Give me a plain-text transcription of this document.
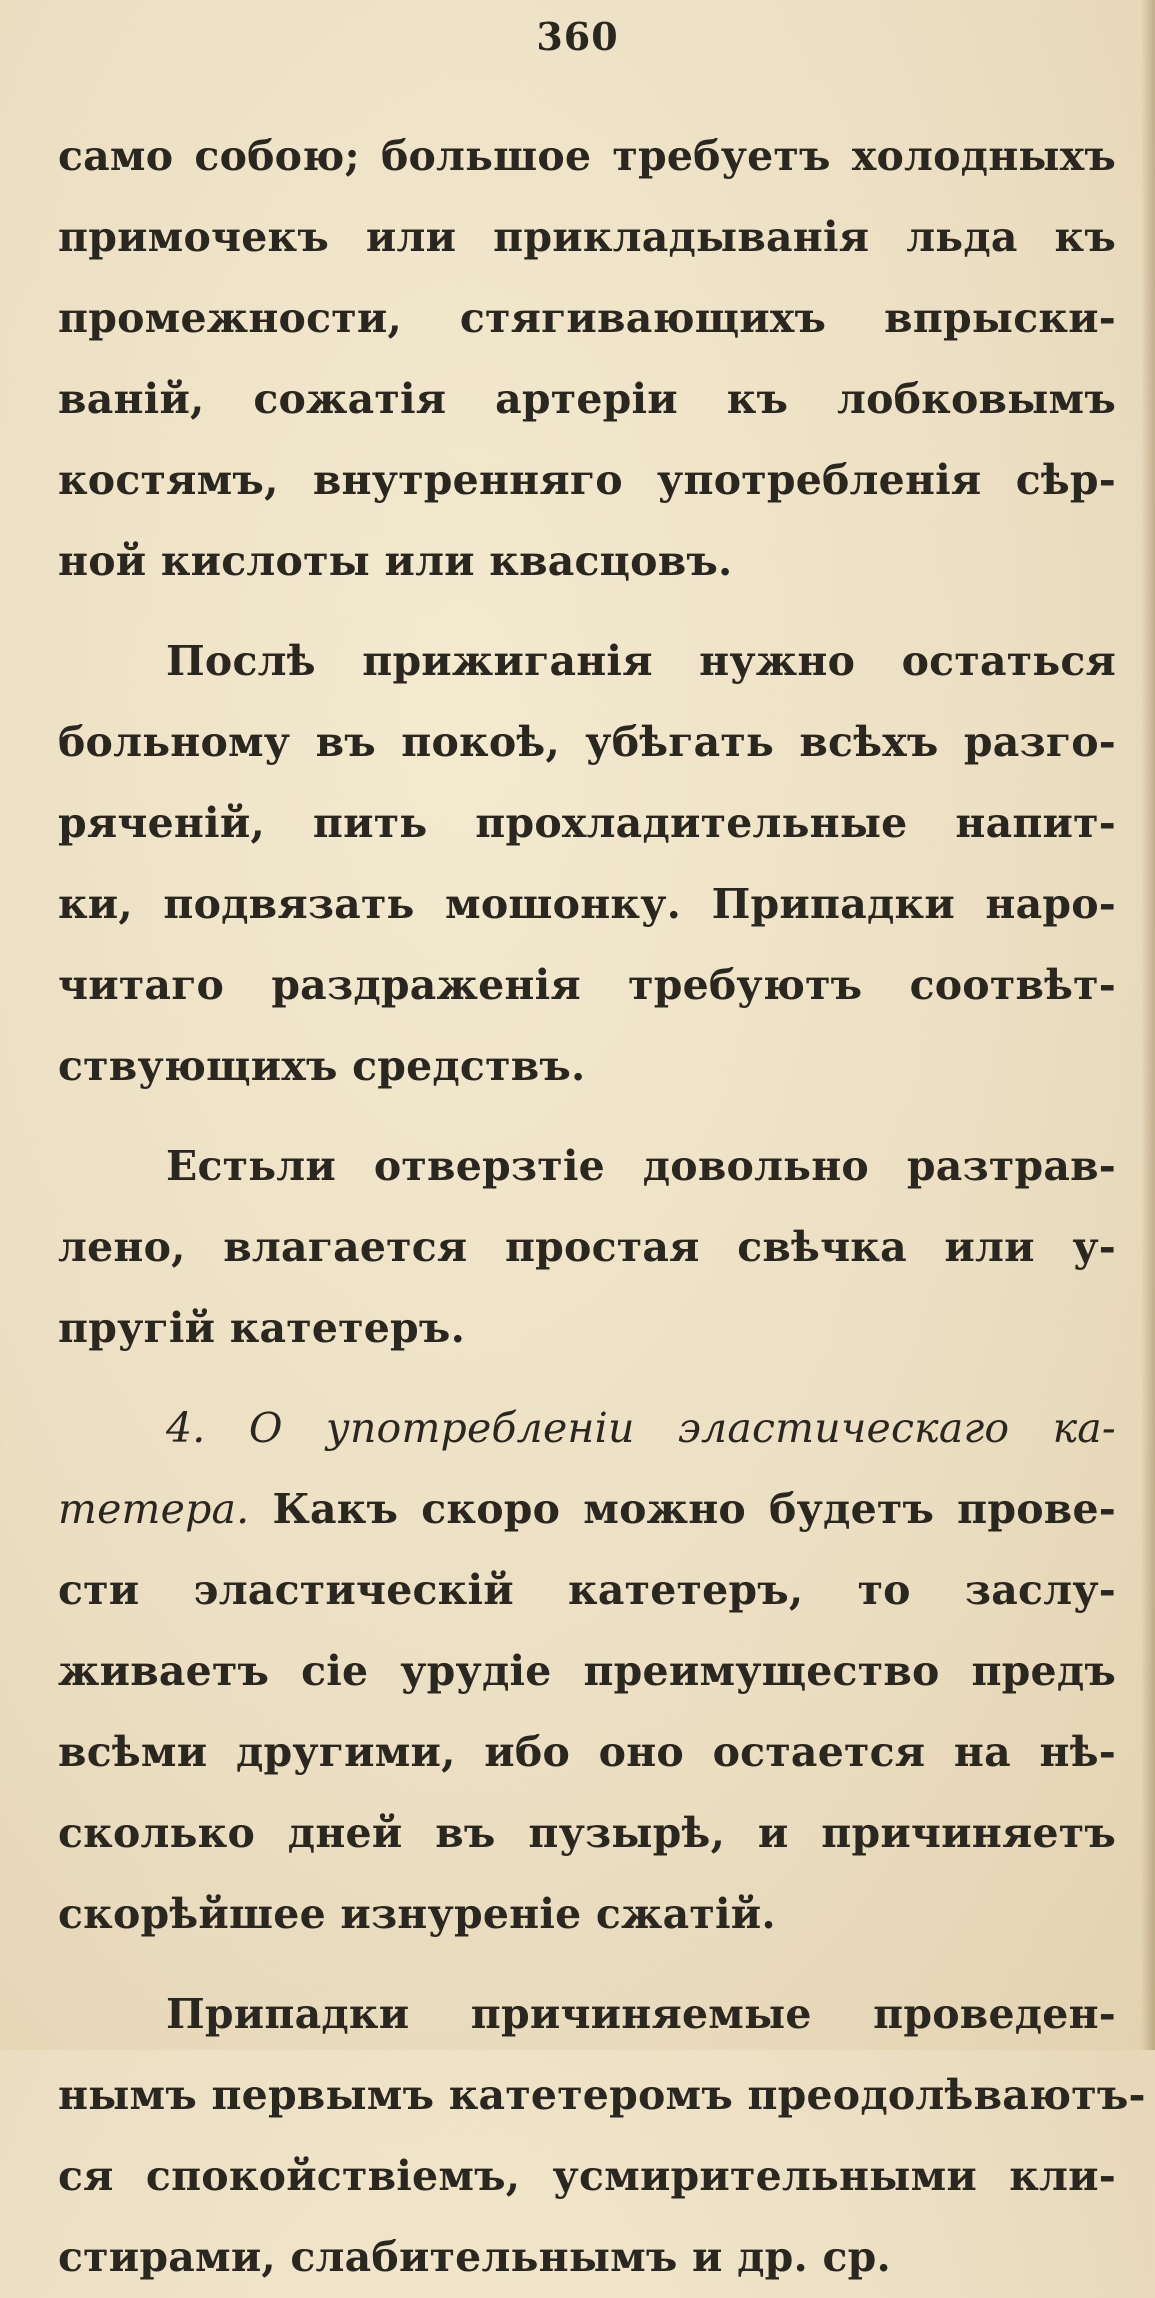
360
само собою; большое требуетъ холодныхъ
примочекъ или прикладыванія льда къ
промежности, стягивающихъ впрыски-
ваній, сожатія артеріи къ лобковымъ
костямъ, внутренняго употребленія сѣр-
ной кислоты или квасцовъ.
Послѣ прижиганія нужно остаться
больному въ покоѣ, убѣгать всѣхъ разго-
ряченій, пить прохладительные напит-
ки, подвязать мошонку. Припадки наро-
читаго раздраженія требуютъ соотвѣт-
ствующихъ средствъ.
Естьли отверзтіе довольно разтрав-
лено, влагается простая свѣчка или у-
пругій катетеръ.
4. О употребленіи эластическаго ка-
тетера. Какъ скоро можно будетъ прове-
сти эластическій катетеръ, то заслу-
живаетъ сіе урудіе преимущество предъ
всѣми другими, ибо оно остается на нѣ-
сколько дней въ пузырѣ, и причиняетъ
скорѣйшее изнуреніе сжатій.
Припадки причиняемые проведен-
нымъ первымъ катетеромъ преодолѣваютъ-
ся спокойствіемъ, усмирительными кли-
стирами, слабительнымъ и др. ср.
